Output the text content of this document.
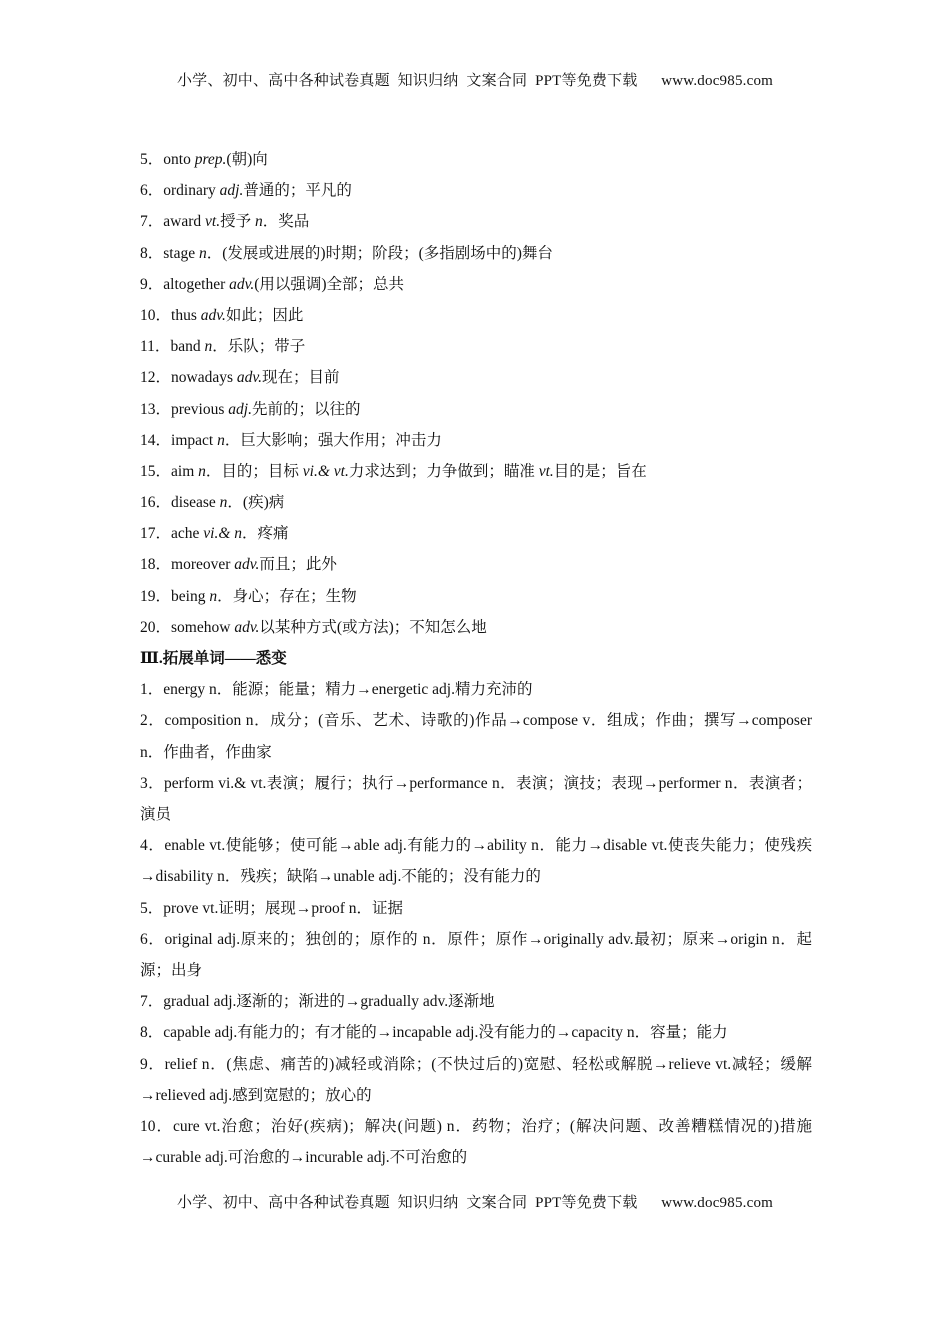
小学、初中、高中各种试卷真题  知识归纳  文案合同  PPT等免费下载      www.doc985.com
5．onto prep.(朝)向
6．ordinary adj.普通的；平凡的
7．award vt.授予 n．奖品
8．stage n．(发展或进展的)时期；阶段；(多指剧场中的)舞台
9．altogether adv.(用以强调)全部；总共
10．thus adv.如此；因此
11．band n．乐队；带子
12．nowadays adv.现在；目前
13．previous adj.先前的；以往的
14．impact n．巨大影响；强大作用；冲击力
15．aim n．目的；目标 vi.& vt.力求达到；力争做到；瞄准 vt.目的是；旨在
16．disease n．(疾)病
17．ache vi.& n．疼痛
18．moreover adv.而且；此外
19．being n．身心；存在；生物
20．somehow adv.以某种方式(或方法)；不知怎么地
Ⅲ.拓展单词——悉变
1．energy n．能源；能量；精力→energetic adj.精力充沛的
2．composition n．成分；(音乐、艺术、诗歌的)作品→compose v．组成；作曲；撰写→composer n．作曲者，作曲家
3．perform vi.& vt.表演；履行；执行→performance n．表演；演技；表现→performer n．表演者；演员
4．enable vt.使能够；使可能→able adj.有能力的→ability n．能力→disable vt.使丧失能力；使残疾→disability n．残疾；缺陷→unable adj.不能的；没有能力的
5．prove vt.证明；展现→proof n．证据
6．original adj.原来的；独创的；原作的 n．原件；原作→originally adv.最初；原来→origin n．起源；出身
7．gradual adj.逐渐的；渐进的→gradually adv.逐渐地
8．capable adj.有能力的；有才能的→incapable adj.没有能力的→capacity n．容量；能力
9．relief n．(焦虑、痛苦的)减轻或消除；(不快过后的)宽慰、轻松或解脱→relieve vt.减轻；缓解→relieved adj.感到宽慰的；放心的
10．cure vt.治愈；治好(疾病)；解决(问题) n．药物；治疗；(解决问题、改善糟糕情况的)措施→curable adj.可治愈的→incurable adj.不可治愈的
小学、初中、高中各种试卷真题  知识归纳  文案合同  PPT等免费下载      www.doc985.com
